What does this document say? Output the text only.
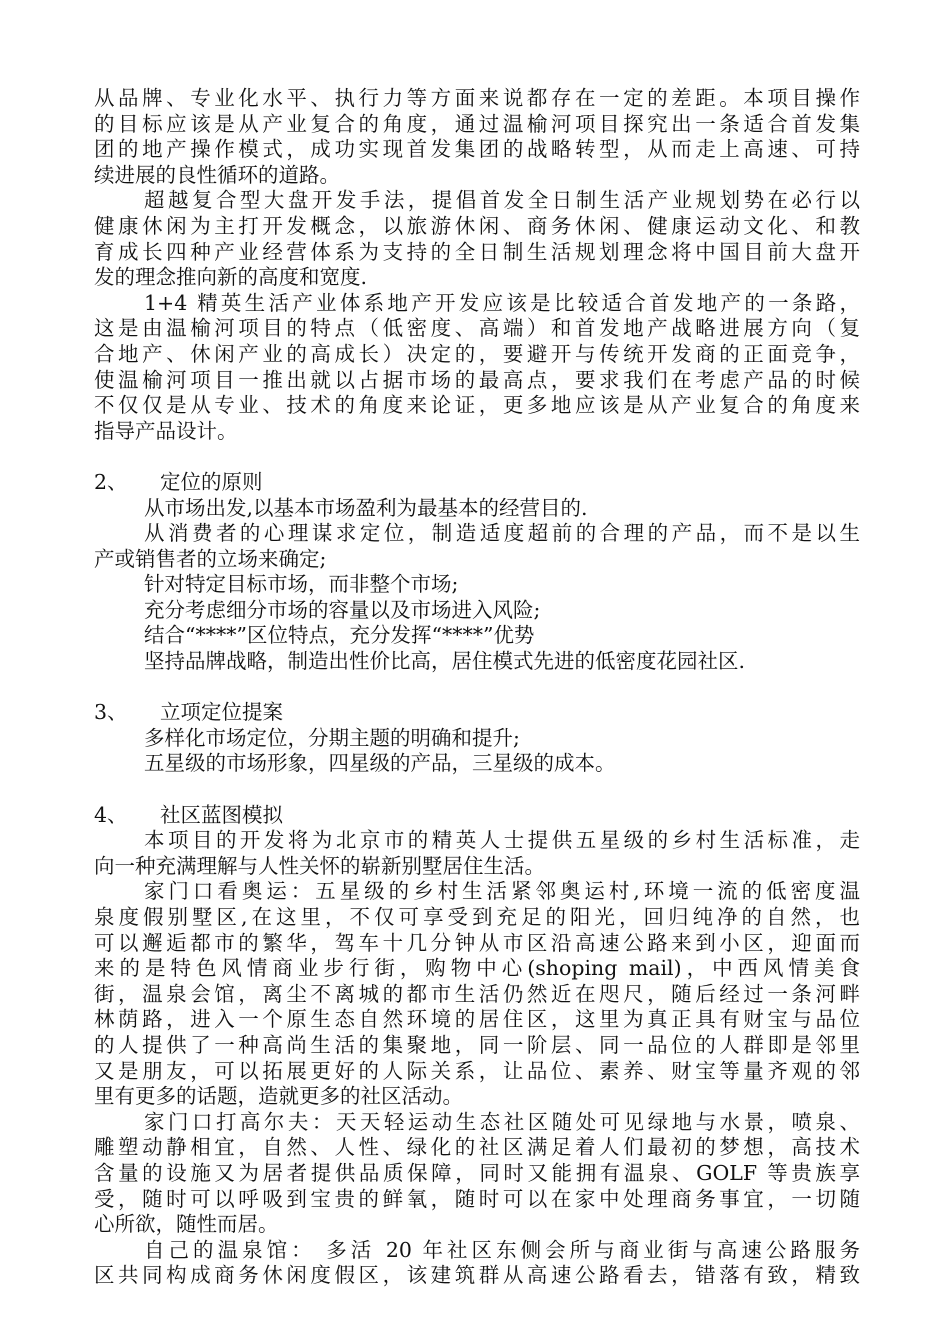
从品牌、专业化水平、执行力等方面来说都存在一定的差距。本项目操作
的目标应该是从产业复合的角度，通过温榆河项目探究出一条适合首发集
团的地产操作模式，成功实现首发集团的战略转型，从而走上高速、可持
续进展的良性循环的道路。
超越复合型大盘开发手法，提倡首发全日制生活产业规划势在必行以
健康休闲为主打开发概念，以旅游休闲、商务休闲、健康运动文化、和教
育成长四种产业经营体系为支持的全日制生活规划理念将中国目前大盘开
发的理念推向新的高度和宽度.
1+4 精英生活产业体系地产开发应该是比较适合首发地产的一条路，
这是由温榆河项目的特点（低密度、高端）和首发地产战略进展方向（复
合地产、休闲产业的高成长）决定的，要避开与传统开发商的正面竞争，
使温榆河项目一推出就以占据市场的最高点，要求我们在考虑产品的时候
不仅仅是从专业、技术的角度来论证，更多地应该是从产业复合的角度来
指导产品设计。
2、 定位的原则
从市场出发,以基本市场盈利为最基本的经营目的.
从消费者的心理谋求定位，制造适度超前的合理的产品，而不是以生
产或销售者的立场来确定;
针对特定目标市场，而非整个市场;
充分考虑细分市场的容量以及市场进入风险;
结合“****”区位特点，充分发挥“****”优势
坚持品牌战略，制造出性价比高，居住模式先进的低密度花园社区.
3、 立项定位提案
多样化市场定位，分期主题的明确和提升;
五星级的市场形象，四星级的产品，三星级的成本。
4、 社区蓝图模拟
本项目的开发将为北京市的精英人士提供五星级的乡村生活标准，走
向一种充满理解与人性关怀的崭新别墅居住生活。
家门口看奥运：五星级的乡村生活紧邻奥运村,环境一流的低密度温
泉度假别墅区,在这里，不仅可享受到充足的阳光，回归纯净的自然，也
可以邂逅都市的繁华，驾车十几分钟从市区沿高速公路来到小区，迎面而
来的是特色风情商业步行街，购物中心(shoping mail)，中西风情美食
街，温泉会馆，离尘不离城的都市生活仍然近在咫尺，随后经过一条河畔
林荫路，进入一个原生态自然环境的居住区，这里为真正具有财宝与品位
的人提供了一种高尚生活的集聚地，同一阶层、同一品位的人群即是邻里
又是朋友，可以拓展更好的人际关系，让品位、素养、财宝等量齐观的邻
里有更多的话题，造就更多的社区活动。
家门口打高尔夫：天天轻运动生态社区随处可见绿地与水景，喷泉、
雕塑动静相宜，自然、人性、绿化的社区满足着人们最初的梦想，高技术
含量的设施又为居者提供品质保障，同时又能拥有温泉、GOLF 等贵族享
受，随时可以呼吸到宝贵的鲜氧，随时可以在家中处理商务事宜，一切随
心所欲，随性而居。
自己的温泉馆： 多活 20 年社区东侧会所与商业街与高速公路服务
区共同构成商务休闲度假区，该建筑群从高速公路看去，错落有致，精致
